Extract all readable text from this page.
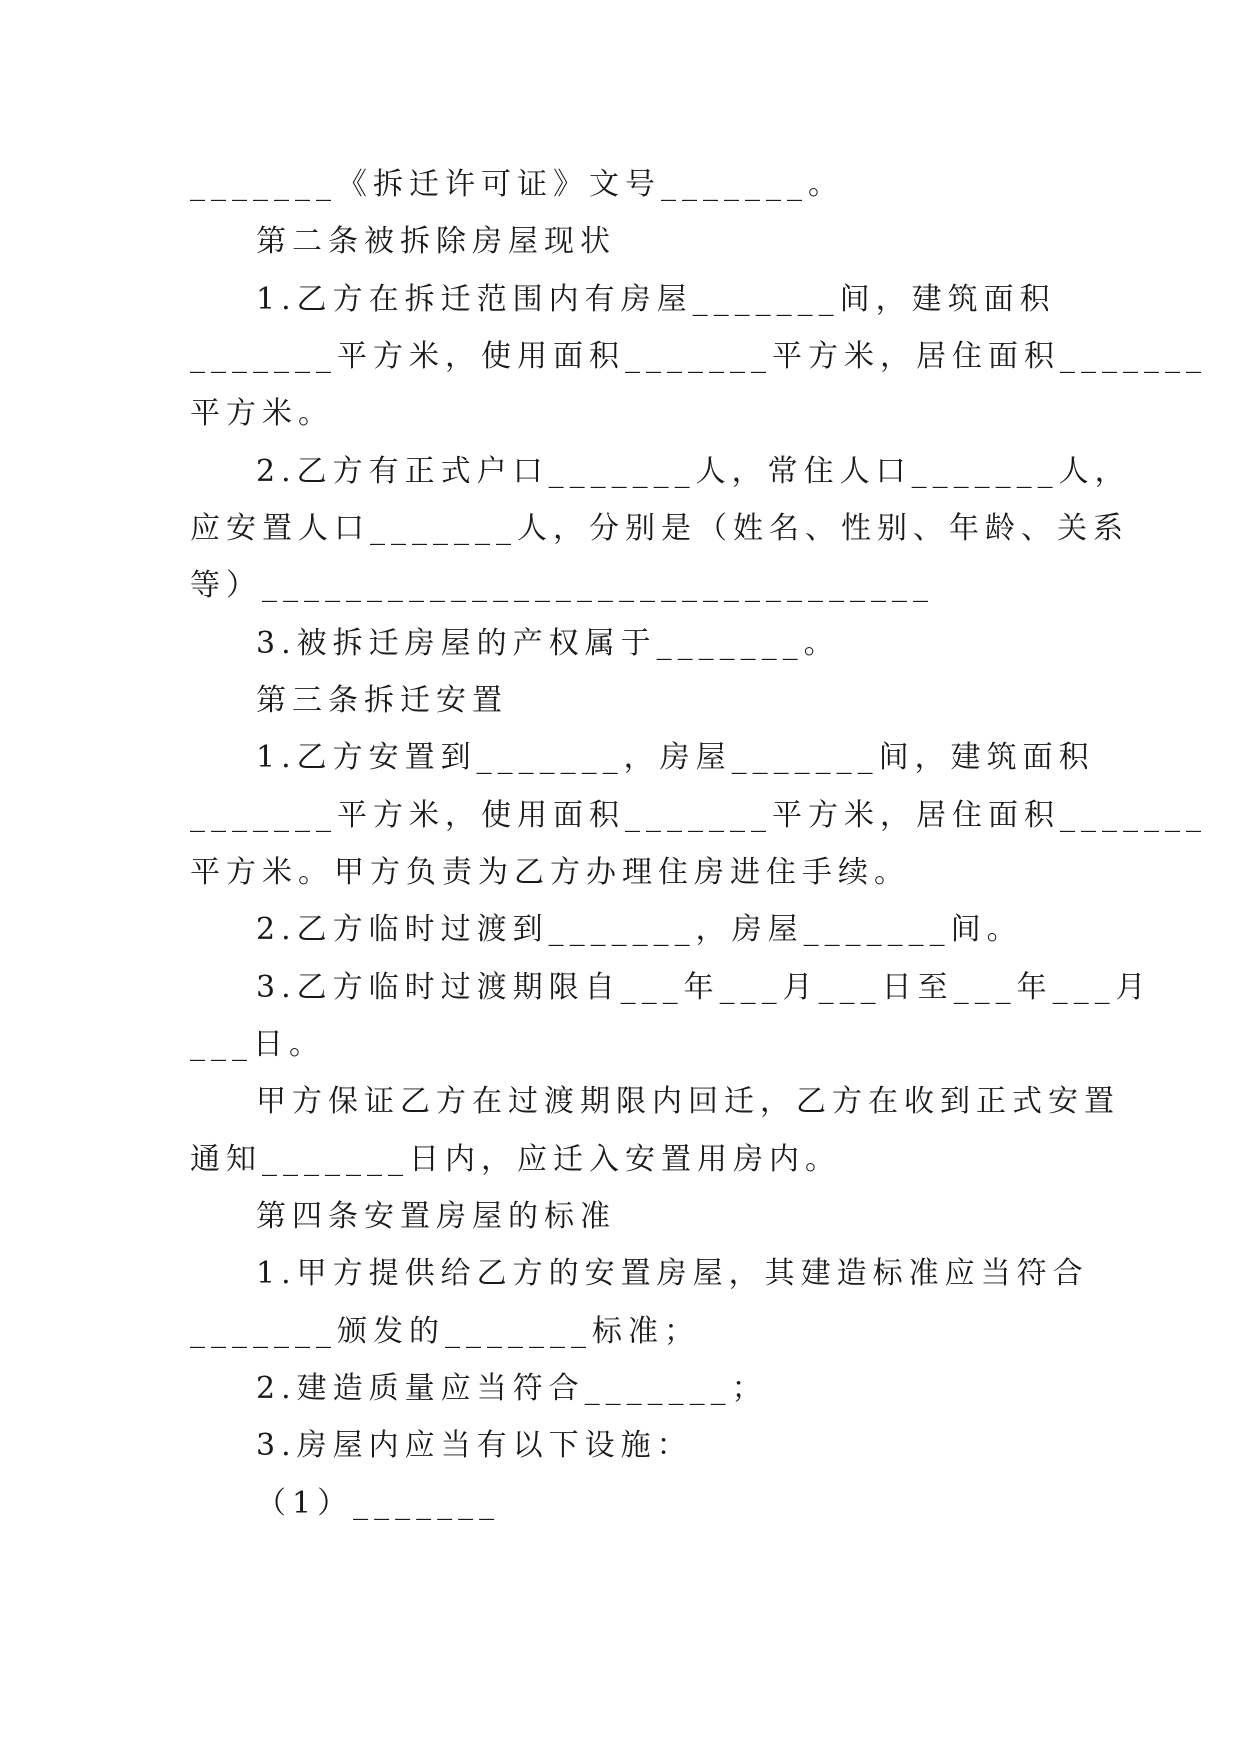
_______《拆迁许可证》文号_______。
第二条被拆除房屋现状
1.乙方在拆迁范围内有房屋_______间，建筑面积
_______平方米，使用面积_______平方米，居住面积_______
平方米。
2.乙方有正式户口_______人，常住人口_______人，
应安置人口_______人，分别是（姓名、性别、年龄、关系
等）________________________________
3.被拆迁房屋的产权属于_______。
第三条拆迁安置
1.乙方安置到_______，房屋_______间，建筑面积
_______平方米，使用面积_______平方米，居住面积_______
平方米。甲方负责为乙方办理住房进住手续。
2.乙方临时过渡到_______，房屋_______间。
3.乙方临时过渡期限自___年___月___日至___年___月
___日。
甲方保证乙方在过渡期限内回迁，乙方在收到正式安置
通知_______日内，应迁入安置用房内。
第四条安置房屋的标准
1.甲方提供给乙方的安置房屋，其建造标准应当符合
_______颁发的_______标准；
2.建造质量应当符合_______；
3.房屋内应当有以下设施：
（1）_______
